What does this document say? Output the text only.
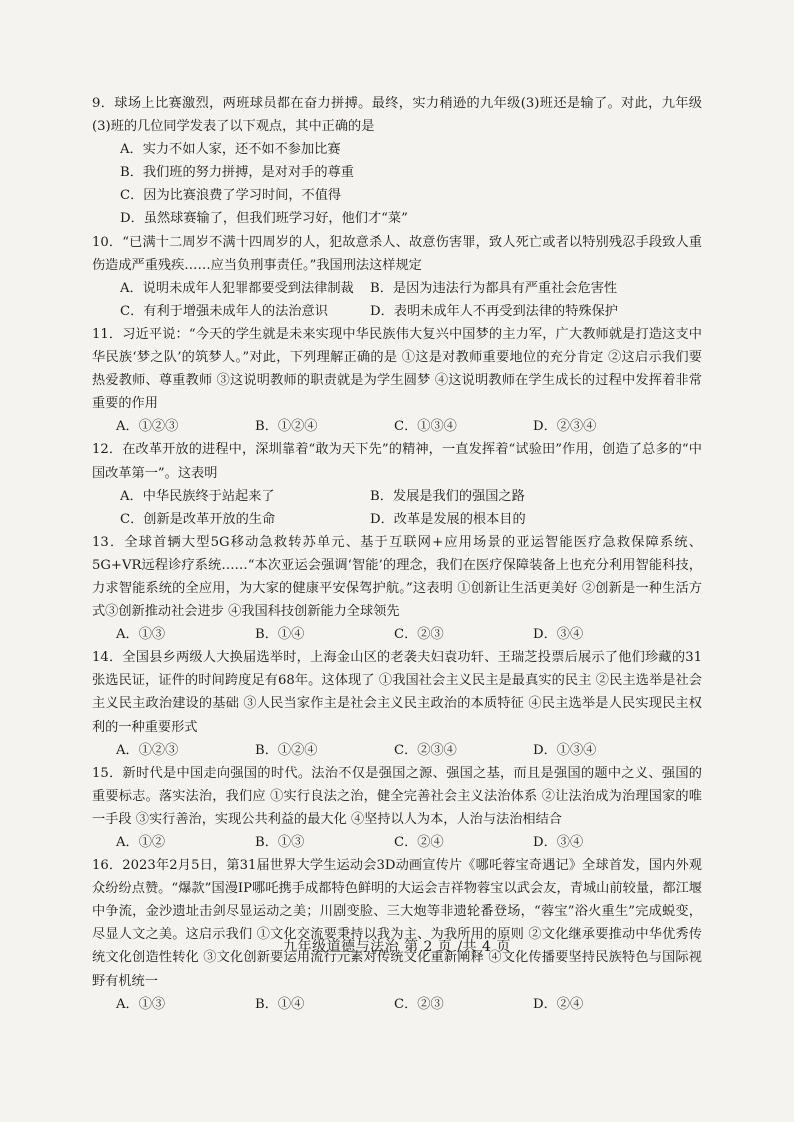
9．球场上比赛激烈，两班球员都在奋力拼搏。最终，实力稍逊的九年级(3)班还是输了。对此，九年级(3)班的几位同学发表了以下观点，其中正确的是
A．实力不如人家，还不如不参加比赛
B．我们班的努力拼搏，是对对手的尊重
C．因为比赛浪费了学习时间，不值得
D．虽然球赛输了，但我们班学习好，他们才“菜”
10．“已满十二周岁不满十四周岁的人，犯故意杀人、故意伤害罪，致人死亡或者以特别残忍手段致人重伤造成严重残疾……应当负刑事责任。”我国刑法这样规定
A．说明未成年人犯罪都要受到法律制裁	B．是因为违法行为都具有严重社会危害性
C．有利于增强未成年人的法治意识	D．表明未成年人不再受到法律的特殊保护
11．习近平说：“今天的学生就是未来实现中华民族伟大复兴中国梦的主力军，广大教师就是打造这支中华民族‘梦之队’的筑梦人。”对此，下列理解正确的是 ①这是对教师重要地位的充分肯定 ②这启示我们要热爱教师、尊重教师 ③这说明教师的职责就是为学生圆梦 ④这说明教师在学生成长的过程中发挥着非常重要的作用
A．①②③	B．①②④	C．①③④	D．②③④
12．在改革开放的进程中，深圳靠着“敢为天下先”的精神，一直发挥着“试验田”作用，创造了总多的“中国改革第一”。这表明
A．中华民族终于站起来了	B．发展是我们的强国之路
C．创新是改革开放的生命	D．改革是发展的根本目的
13．全球首辆大型5G移动急救转苏单元、基于互联网+应用场景的亚运智能医疗急救保障系统、5G+VR远程诊疗系统……“本次亚运会强调‘智能’的理念，我们在医疗保障装备上也充分利用智能科技，力求智能系统的全应用，为大家的健康平安保驾护航。”这表明 ①创新让生活更美好 ②创新是一种生活方式③创新推动社会进步 ④我国科技创新能力全球领先
A．①③	B．①④	C．②③	D．③④
14．全国县乡两级人大换届选举时，上海金山区的老袭夫妇袁功轩、王瑞芝投票后展示了他们珍藏的31张选民证，证件的时间跨度足有68年。这体现了 ①我国社会主义民主是最真实的民主 ②民主选举是社会主义民主政治建设的基础 ③人民当家作主是社会主义民主政治的本质特征 ④民主选举是人民实现民主权利的一种重要形式
A．①②③	B．①②④	C．②③④	D．①③④
15．新时代是中国走向强国的时代。法治不仅是强国之源、强国之基，而且是强国的题中之义、强国的重要标志。落实法治，我们应 ①实行良法之治，健全完善社会主义法治体系 ②让法治成为治理国家的唯一手段 ③实行善治，实现公共利益的最大化 ④坚持以人为本，人治与法治相结合
A．①②	B．①③	C．②④	D．③④
16．2023年2月5日，第31届世界大学生运动会3D动画宣传片《哪吒蓉宝奇遇记》全球首发，国内外观众纷纷点赞。“爆款”国漫IP哪吒携手成都特色鲜明的大运会吉祥物蓉宝以武会友，青城山前较量，都江堰中争流，金沙遗址击剑尽显运动之美；川剧变脸、三大炮等非遗轮番登场，“蓉宝”浴火重生”完成蜕变，尽显人文之美。这启示我们 ①文化交流要秉持以我为主、为我所用的原则 ②文化继承要推动中华优秀传统文化创造性转化 ③文化创新要运用流行元素对传统文化重新阐释 ④文化传播要坚持民族特色与国际视野有机统一
A．①③	B．①④	C．②③	D．②④
九年级道德与法治 第 2 页 /共 4 页
